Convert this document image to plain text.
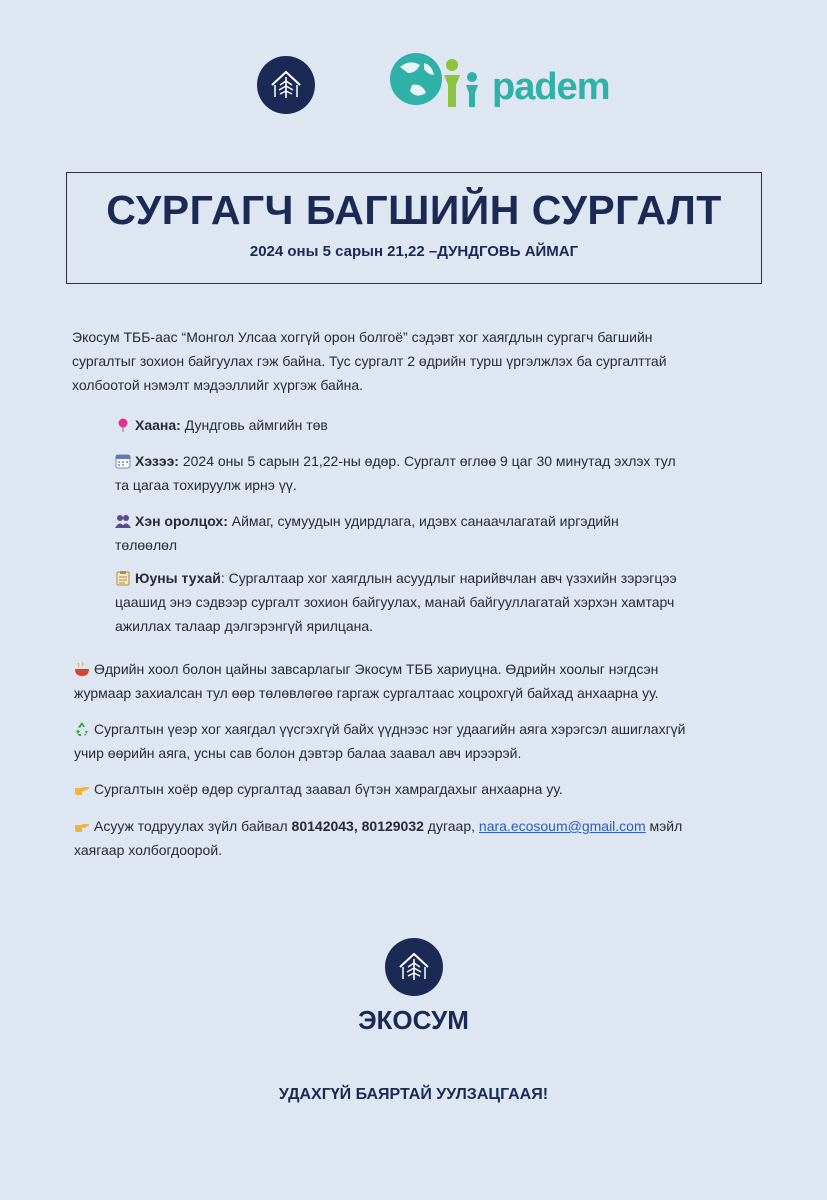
padem
СУРГАГЧ БАГШИЙН СУРГАЛТ
2024 оны 5 сарын 21,22 –ДУНДГОВЬ АЙМАГ
Экосум ТББ-аас “Монгол Улсаа хоггүй орон болгоё” сэдэвт хог хаягдлын сургагч багшийн
сургалтыг зохион байгуулах гэж байна. Тус сургалт 2 өдрийн турш үргэлжлэх ба сургалттай
холбоотой нэмэлт мэдээллийг хүргэж байна.
Хаана: Дундговь аймгийн төв
Хэзээ: 2024 оны 5 сарын 21,22-ны өдөр. Сургалт өглөө 9 цаг 30 минутад эхлэх тул
та цагаа тохируулж ирнэ үү.
Хэн оролцох: Аймаг, сумуудын удирдлага, идэвх санаачлагатай иргэдийн
төлөөлөл
Юуны тухай: Сургалтаар хог хаягдлын асуудлыг нарийвчлан авч үзэхийн зэрэгцээ
цаашид энэ сэдвээр сургалт зохион байгуулах, манай байгууллагатай хэрхэн хамтарч
ажиллах талаар дэлгэрэнгүй ярилцана.
Өдрийн хоол болон цайны завсарлагыг Экосум ТББ хариуцна. Өдрийн хоолыг нэгдсэн
журмаар захиалсан тул өөр төлөвлөгөө гаргаж сургалтаас хоцрохгүй байхад анхаарна уу.
Сургалтын үеэр хог хаягдал үүсгэхгүй байх үүднээс нэг удаагийн аяга хэрэгсэл ашиглахгүй
учир өөрийн аяга, усны сав болон дэвтэр балаа заавал авч ирээрэй.
Сургалтын хоёр өдөр сургалтад заавал бүтэн хамрагдахыг анхаарна уу.
Асууж тодруулах зүйл байвал 80142043, 80129032 дугаар, nara.ecosoum@gmail.com мэйл
хаягаар холбогдоорой.
ЭКОСУМ
УДАХГҮЙ БАЯРТАЙ УУЛЗАЦГААЯ!
